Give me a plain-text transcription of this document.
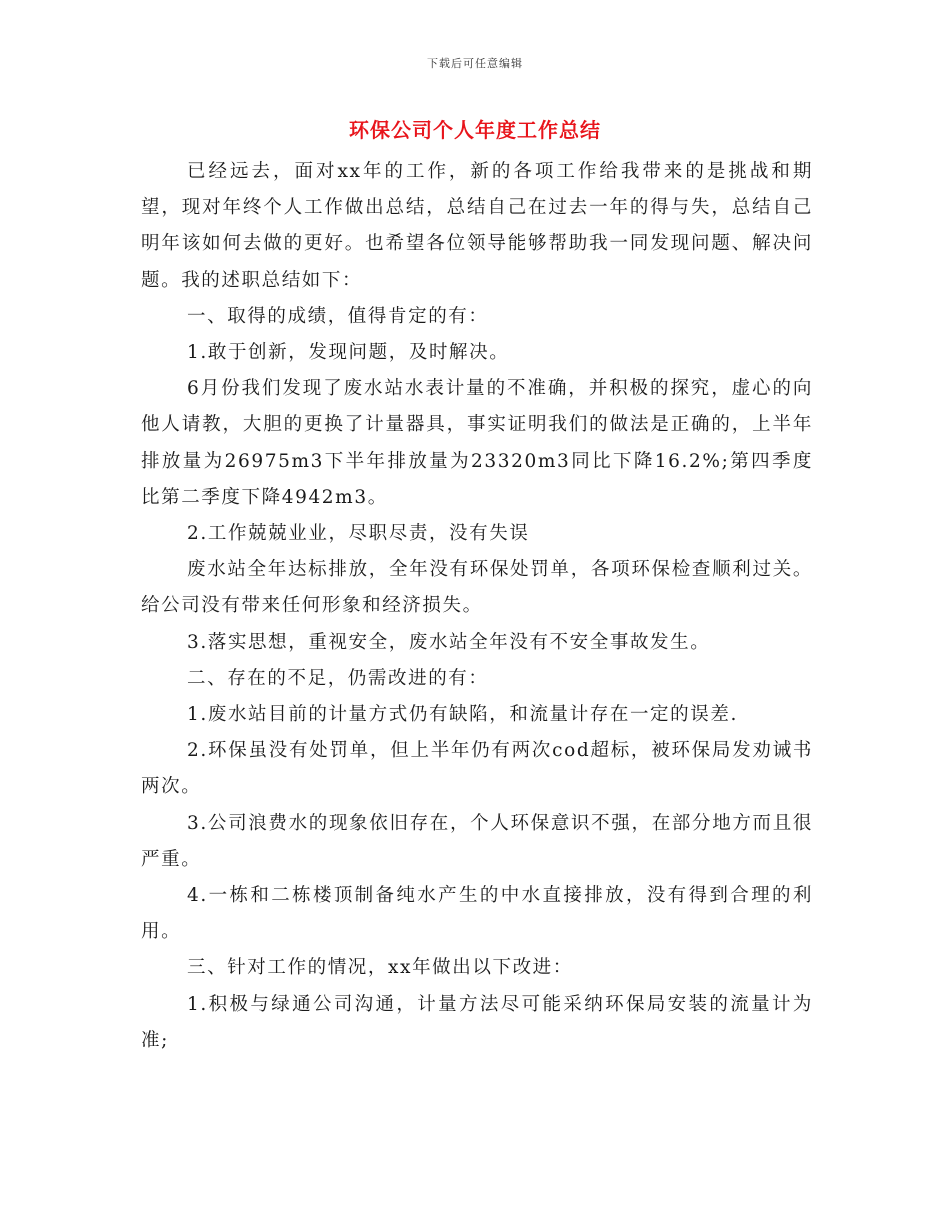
下载后可任意编辑
环保公司个人年度工作总结

已经远去，面对xx年的工作，新的各项工作给我带来的是挑战和期望，现对年终个人工作做出总结，总结自己在过去一年的得与失，总结自己明年该如何去做的更好。也希望各位领导能够帮助我一同发现问题、解决问题。我的述职总结如下：

一、取得的成绩，值得肯定的有：

1.敢于创新，发现问题，及时解决。

6月份我们发现了废水站水表计量的不准确，并积极的探究，虚心的向他人请教，大胆的更换了计量器具，事实证明我们的做法是正确的，上半年排放量为26975m3下半年排放量为23320m3同比下降16.2%;第四季度比第二季度下降4942m3。

2.工作兢兢业业，尽职尽责，没有失误

废水站全年达标排放，全年没有环保处罚单，各项环保检查顺利过关。给公司没有带来任何形象和经济损失。

3.落实思想，重视安全，废水站全年没有不安全事故发生。

二、存在的不足，仍需改进的有：

1.废水站目前的计量方式仍有缺陷，和流量计存在一定的误差.

2.环保虽没有处罚单，但上半年仍有两次cod超标，被环保局发劝诫书两次。

3.公司浪费水的现象依旧存在，个人环保意识不强，在部分地方而且很严重。

4.一栋和二栋楼顶制备纯水产生的中水直接排放，没有得到合理的利用。

三、针对工作的情况，xx年做出以下改进：

1.积极与绿通公司沟通，计量方法尽可能采纳环保局安装的流量计为准;
